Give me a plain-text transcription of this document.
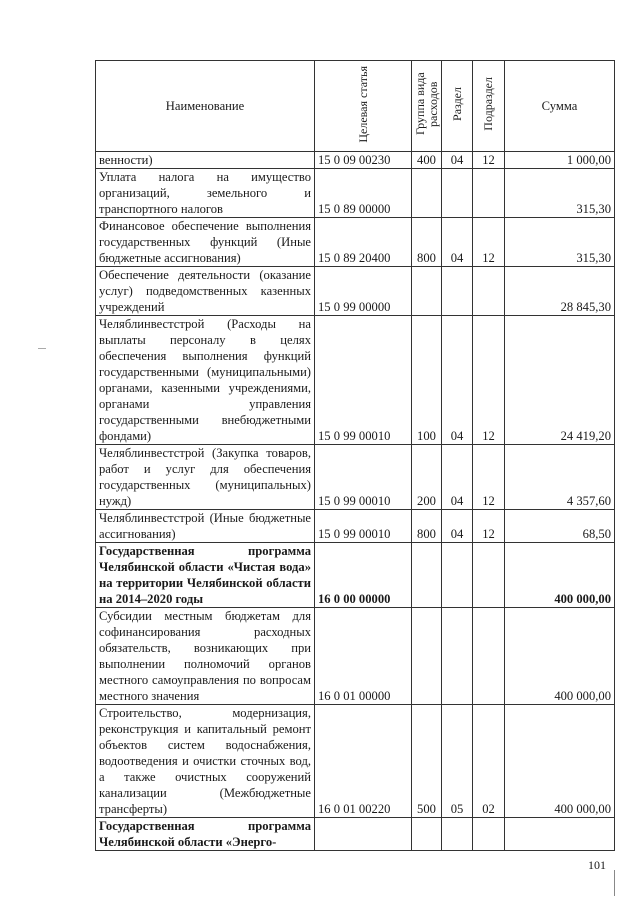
Наименование	Целевая статья	Группа вида расходов	Раздел	Подраздел	Сумма
венности)	15 0 09 00230	400	04	12	1 000,00
Уплата налога на имущество организаций, земельного и транспортного налогов	15 0 89 00000				315,30
Финансовое обеспечение выполнения государственных функций (Иные бюджетные ассигнования)	15 0 89 20400	800	04	12	315,30
Обеспечение деятельности (оказание услуг) подведомственных казенных учреждений	15 0 99 00000				28 845,30
Челяблинвестстрой (Расходы на выплаты персоналу в целях обеспечения выполнения функций государственными (муниципальными) органами, казенными учреждениями, органами управления государственными внебюджетными фондами)	15 0 99 00010	100	04	12	24 419,20
Челяблинвестстрой (Закупка товаров, работ и услуг для обеспечения государственных (муниципальных) нужд)	15 0 99 00010	200	04	12	4 357,60
Челяблинвестстрой (Иные бюджетные ассигнования)	15 0 99 00010	800	04	12	68,50
Государственная программа Челябинской области «Чистая вода» на территории Челябинской области на 2014–2020 годы	16 0 00 00000				400 000,00
Субсидии местным бюджетам для софинансирования расходных обязательств, возникающих при выполнении полномочий органов местного самоуправления по вопросам местного значения	16 0 01 00000				400 000,00
Строительство, модернизация, реконструкция и капитальный ремонт объектов систем водоснабжения, водоотведения и очистки сточных вод, а также очистных сооружений канализации (Межбюджетные трансферты)	16 0 01 00220	500	05	02	400 000,00
Государственная программа Челябинской области «Энерго-					
101
